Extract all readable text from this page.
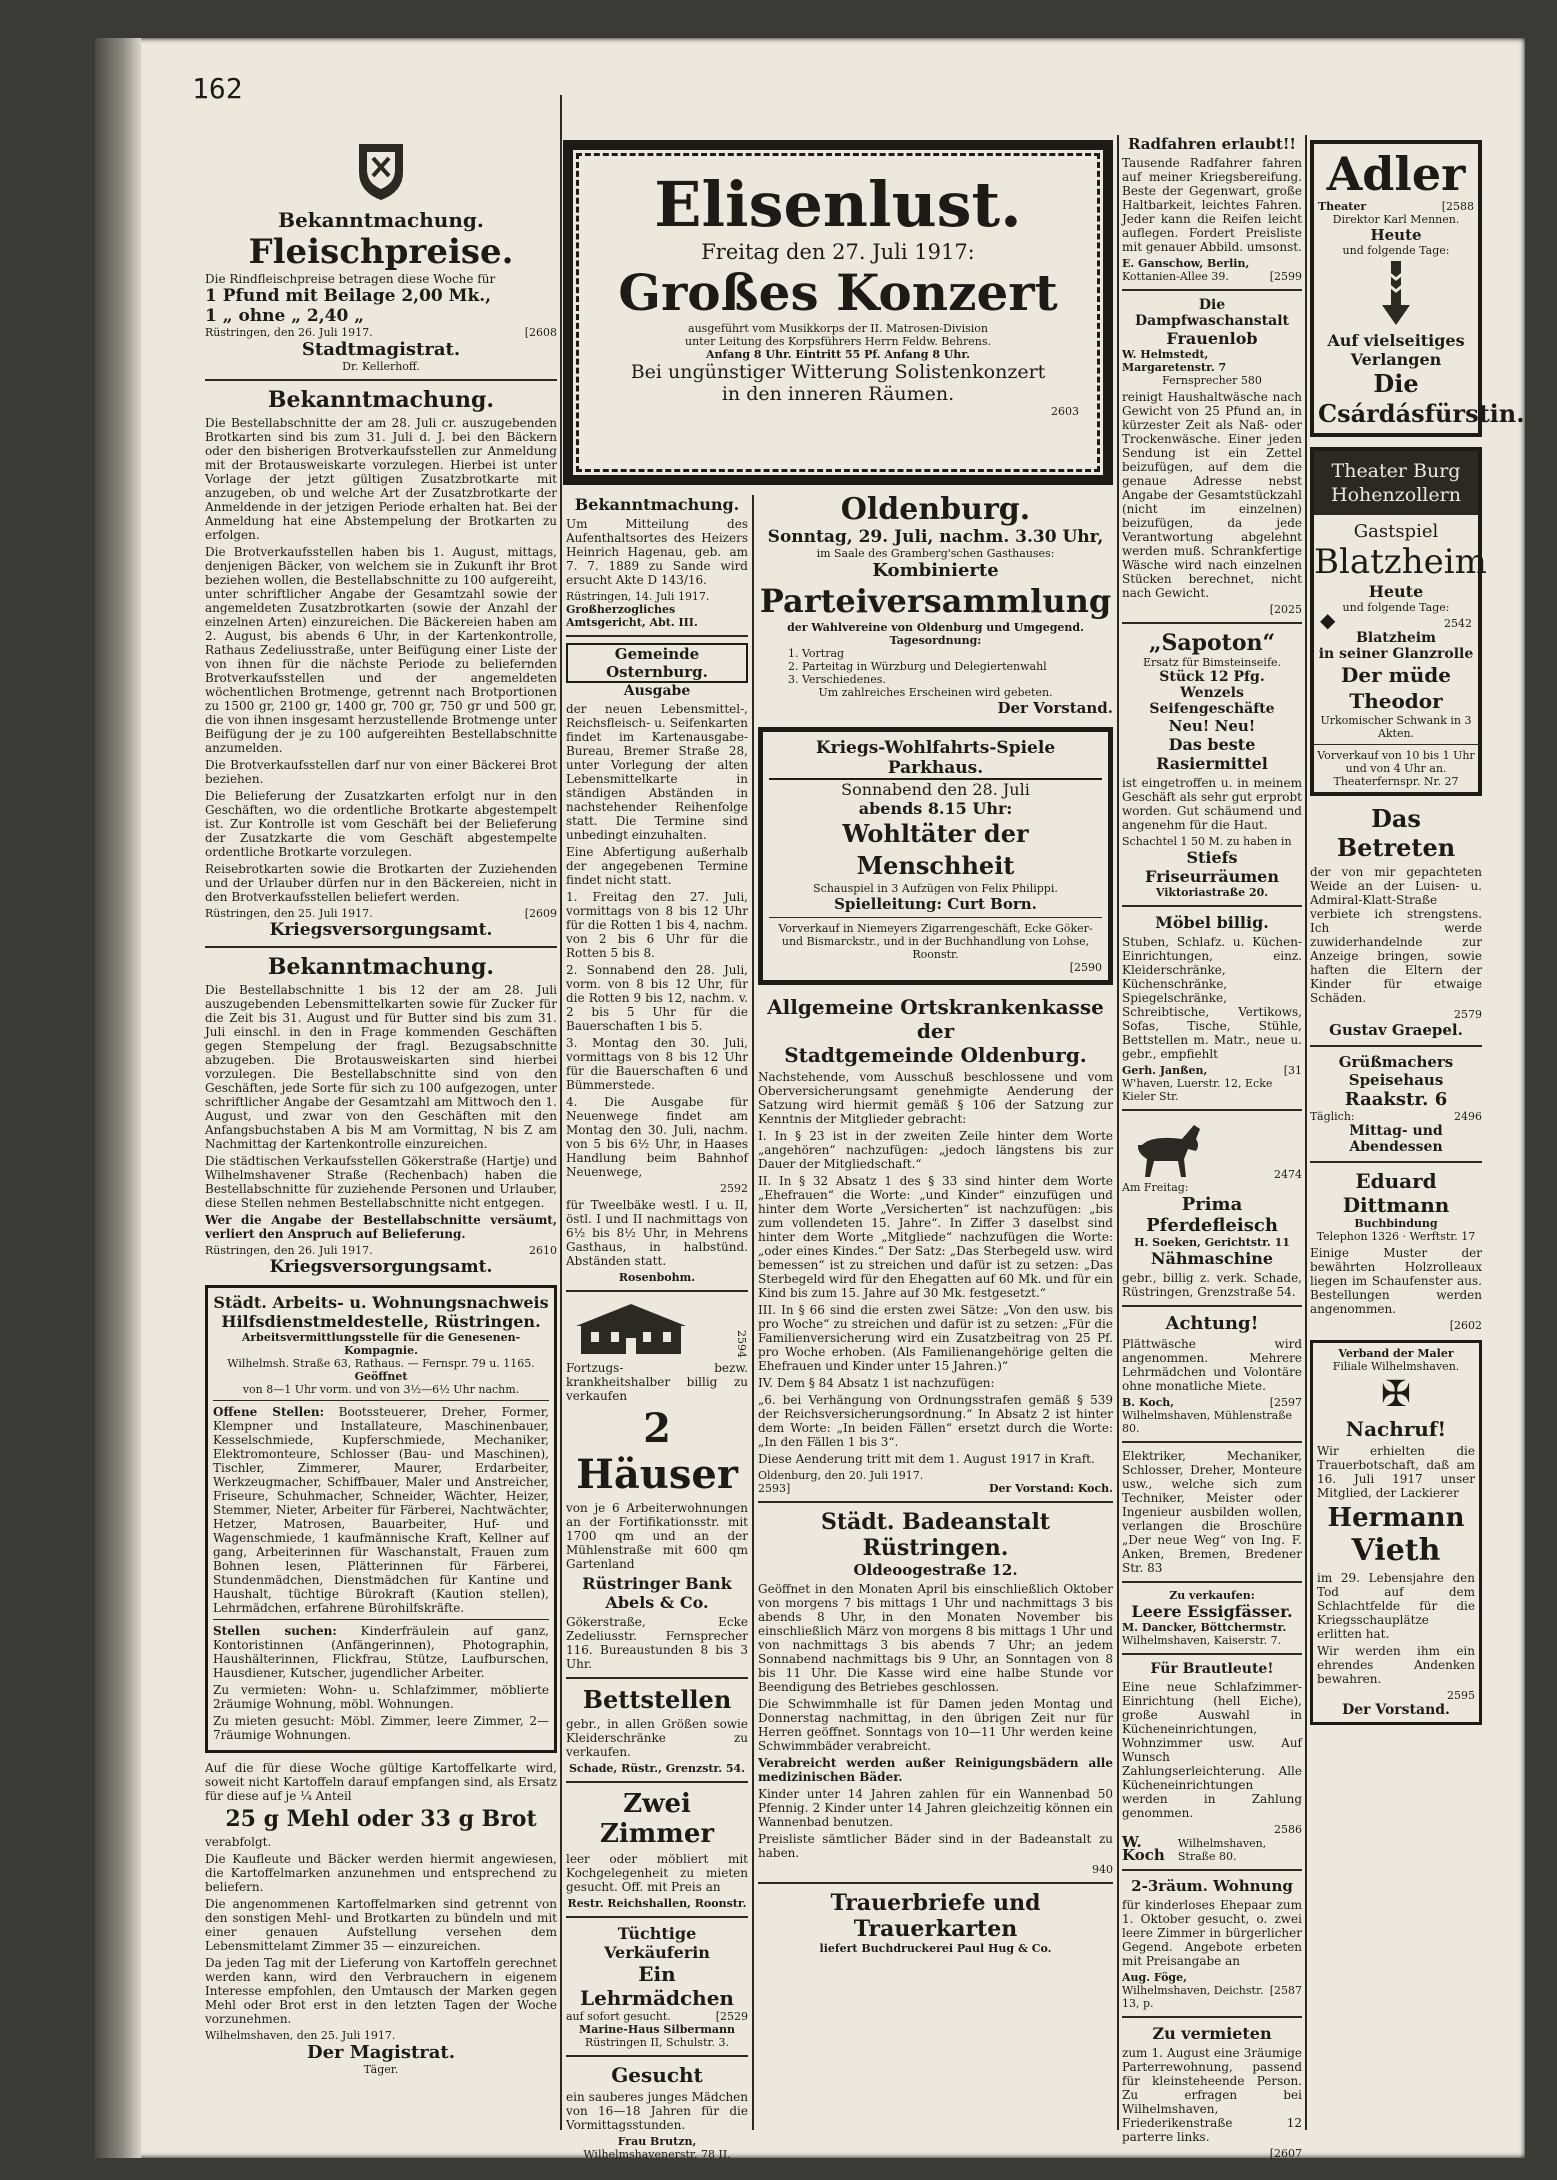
162
Bekanntmachung.
Fleischpreise.
Die Rindfleischpreise betragen diese Woche für
1 Pfund mit Beilage 2,00 Mk.,
1 „ ohne „ 2,40 „
Rüstringen, den 26. Juli 1917.	[2608
Stadtmagistrat.
Dr. Kellerhoff.
Bekanntmachung.

Die Bestellabschnitte der am 28. Juli cr. auszugebenden Brotkarten sind bis zum 31. Juli d. J. bei den Bäckern oder den bisherigen Brotverkaufsstellen zur Anmeldung mit der Brotausweiskarte vorzulegen. Hierbei ist unter Vorlage der jetzt gültigen Zusatzbrotkarte mit anzugeben, ob und welche Art der Zusatzbrotkarte der Anmeldende in der jetzigen Periode erhalten hat. Bei der Anmeldung hat eine Abstempelung der Brotkarten zu erfolgen.

Die Brotverkaufsstellen haben bis 1. August, mittags, denjenigen Bäcker, von welchem sie in Zukunft ihr Brot beziehen wollen, die Bestellabschnitte zu 100 aufgereiht, unter schriftlicher Angabe der Gesamtzahl sowie der angemeldeten Zusatzbrotkarten (sowie der Anzahl der einzelnen Arten) einzureichen. Die Bäckereien haben am 2. August, bis abends 6 Uhr, in der Kartenkontrolle, Rathaus Zedeliusstraße, unter Beifügung einer Liste der von ihnen für die nächste Periode zu beliefernden Brotverkaufsstellen und der angemeldeten wöchentlichen Brotmenge, getrennt nach Brotportionen zu 1500 gr, 2100 gr, 1400 gr, 700 gr, 750 gr und 500 gr, die von ihnen insgesamt herzustellende Brotmenge unter Beifügung der je zu 100 aufgereihten Bestellabschnitte anzumelden.

Die Brotverkaufsstellen darf nur von einer Bäckerei Brot beziehen.

Die Belieferung der Zusatzkarten erfolgt nur in den Geschäften, wo die ordentliche Brotkarte abgestempelt ist. Zur Kontrolle ist vom Geschäft bei der Belieferung der Zusatzkarte die vom Geschäft abgestempelte ordentliche Brotkarte vorzulegen.

Reisebrotkarten sowie die Brotkarten der Zuziehenden und der Urlauber dürfen nur in den Bäckereien, nicht in den Brotverkaufsstellen beliefert werden.

Rüstringen, den 25. Juli 1917.	[2609
Kriegsversorgungsamt.
Bekanntmachung.

Die Bestellabschnitte 1 bis 12 der am 28. Juli auszugebenden Lebensmittelkarten sowie für Zucker für die Zeit bis 31. August und für Butter sind bis zum 31. Juli einschl. in den in Frage kommenden Geschäften gegen Stempelung der fragl. Bezugsabschnitte abzugeben. Die Brotausweiskarten sind hierbei vorzulegen. Die Bestellabschnitte sind von den Geschäften, jede Sorte für sich zu 100 aufgezogen, unter schriftlicher Angabe der Gesamtzahl am Mittwoch den 1. August, und zwar von den Geschäften mit den Anfangsbuchstaben A bis M am Vormittag, N bis Z am Nachmittag der Kartenkontrolle einzureichen.

Die städtischen Verkaufsstellen Gökerstraße (Hartje) und Wilhelmshavener Straße (Rechenbach) haben die Bestellabschnitte für zuziehende Personen und Urlauber, diese Stellen nehmen Bestellabschnitte nicht entgegen.

Wer die Angabe der Bestellabschnitte versäumt, verliert den Anspruch auf Belieferung.

Rüstringen, den 26. Juli 1917.	2610
Kriegsversorgungsamt.
Städt. Arbeits- u. Wohnungsnachweis
Hilfsdienstmeldestelle, Rüstringen.
Arbeitsvermittlungsstelle für die Genesenen-Kompagnie.
Wilhelmsh. Straße 63, Rathaus. — Fernspr. 79 u. 1165.
Geöffnet
von 8—1 Uhr vorm. und von 3½—6½ Uhr nachm.

Offene Stellen: Bootssteuerer, Dreher, Former, Klempner und Installateure, Maschinenbauer, Kesselschmiede, Kupferschmiede, Mechaniker, Elektromonteure, Schlosser (Bau- und Maschinen), Tischler, Zimmerer, Maurer, Erdarbeiter, Werkzeugmacher, Schiffbauer, Maler und Anstreicher, Friseure, Schuhmacher, Schneider, Wächter, Heizer, Stemmer, Nieter, Arbeiter für Färberei, Nachtwächter, Hetzer, Matrosen, Bauarbeiter, Huf- und Wagenschmiede, 1 kaufmännische Kraft, Kellner auf gang, Arbeiterinnen für Waschanstalt, Frauen zum Bohnen lesen, Plätterinnen für Färberei, Stundenmädchen, Dienstmädchen für Kantine und Haushalt, tüchtige Bürokraft (Kaution stellen), Lehrmädchen, erfahrene Bürohilfskräfte.

Stellen suchen: Kinderfräulein auf ganz, Kontoristinnen (Anfängerinnen), Photographin, Haushälterinnen, Flickfrau, Stütze, Laufburschen, Hausdiener, Kutscher, jugendlicher Arbeiter.

Zu vermieten: Wohn- u. Schlafzimmer, möblierte 2räumige Wohnung, möbl. Wohnungen.

Zu mieten gesucht: Möbl. Zimmer, leere Zimmer, 2—7räumige Wohnungen.

Auf die für diese Woche gültige Kartoffelkarte wird, soweit nicht Kartoffeln darauf empfangen sind, als Ersatz für diese auf je ¼ Anteil

25 g Mehl oder 33 g Brot

verabfolgt.

Die Kaufleute und Bäcker werden hiermit angewiesen, die Kartoffelmarken anzunehmen und entsprechend zu beliefern.

Die angenommenen Kartoffelmarken sind getrennt von den sonstigen Mehl- und Brotkarten zu bündeln und mit einer genauen Aufstellung versehen dem Lebensmittelamt Zimmer 35 — einzureichen.

Da jeden Tag mit der Lieferung von Kartoffeln gerechnet werden kann, wird den Verbrauchern in eigenem Interesse empfohlen, den Umtausch der Marken gegen Mehl oder Brot erst in den letzten Tagen der Woche vorzunehmen.

Wilhelmshaven, den 25. Juli 1917.
Der Magistrat.
Täger.
Elisenlust.
Freitag den 27. Juli 1917:
Großes Konzert
ausgeführt vom Musikkorps der II. Matrosen-Division
unter Leitung des Korpsführers Herrn Feldw. Behrens.
Anfang 8 Uhr. Eintritt 55 Pf. Anfang 8 Uhr.
Bei ungünstiger Witterung Solistenkonzert
in den inneren Räumen.
2603
Bekanntmachung.

Um Mitteilung des Aufenthaltsortes des Heizers Heinrich Hagenau, geb. am 7. 7. 1889 zu Sande wird ersucht Akte D 143/16.

Rüstringen, 14. Juli 1917.
Großherzogliches Amtsgericht, Abt. III.
Gemeinde Osternburg.
Ausgabe

der neuen Lebensmittel-, Reichsfleisch- u. Seifenkarten findet im Kartenausgabe-Bureau, Bremer Straße 28, unter Vorlegung der alten Lebensmittelkarte in ständigen Abständen in nachstehender Reihenfolge statt. Die Termine sind unbedingt einzuhalten.

Eine Abfertigung außerhalb der angegebenen Termine findet nicht statt.

1. Freitag den 27. Juli, vormittags von 8 bis 12 Uhr für die Rotten 1 bis 4, nachm. von 2 bis 6 Uhr für die Rotten 5 bis 8.

2. Sonnabend den 28. Juli, vorm. von 8 bis 12 Uhr, für die Rotten 9 bis 12, nachm. v. 2 bis 5 Uhr für die Bauerschaften 1 bis 5.

3. Montag den 30. Juli, vormittags von 8 bis 12 Uhr für die Bauerschaften 6 und Bümmerstede.

4. Die Ausgabe für Neuenwege findet am Montag den 30. Juli, nachm. von 5 bis 6½ Uhr, in Haases Handlung beim Bahnhof Neuenwege,

2592

für Tweelbäke westl. I u. II, östl. I und II nachmittags von 6½ bis 8½ Uhr, in Mehrens Gasthaus, in halbstünd. Abständen statt.

Rosenbohm.
2594

Fortzugs- bezw. krankheitshalber billig zu verkaufen

2 Häuser

von je 6 Arbeiterwohnungen an der Fortifikationsstr. mit 1700 qm und an der Mühlenstraße mit 600 qm Gartenland

Rüstringer Bank
Abels & Co.

Gökerstraße, Ecke Zedeliusstr. Fernsprecher 116. Bureaustunden 8 bis 3 Uhr.

Bettstellen

gebr., in allen Größen sowie Kleiderschränke zu verkaufen.

Schade, Rüstr., Grenzstr. 54.
Zwei Zimmer

leer oder möbliert mit Kochgelegenheit zu mieten gesucht. Off. mit Preis an

Restr. Reichshallen, Roonstr.
Tüchtige Verkäuferin
Ein Lehrmädchen
auf sofort gesucht.	[2529
Marine-Haus Silbermann
Rüstringen II, Schulstr. 3.
Gesucht

ein sauberes junges Mädchen von 16—18 Jahren für die Vormittagsstunden.

Frau Brutzn,
Wilhelmshavenerstr. 78 II.
Oldenburg.
Sonntag, 29. Juli, nachm. 3.30 Uhr,
im Saale des Gramberg'schen Gasthauses:
Kombinierte
Parteiversammlung
der Wahlvereine von Oldenburg und Umgegend.
Tagesordnung:
1. Vortrag
2. Parteitag in Würzburg und Delegiertenwahl
3. Verschiedenes.
Um zahlreiches Erscheinen wird gebeten.
Der Vorstand.
Kriegs-Wohlfahrts-Spiele Parkhaus.
Sonnabend den 28. Juli
abends 8.15 Uhr:
Wohltäter der Menschheit
Schauspiel in 3 Aufzügen von Felix Philippi.
Spielleitung: Curt Born.
Vorverkauf in Niemeyers Zigarrengeschäft, Ecke Göker- und Bismarckstr., und in der Buchhandlung von Lohse, Roonstr.
[2590
Allgemeine Ortskrankenkasse der
Stadtgemeinde Oldenburg.

Nachstehende, vom Ausschuß beschlossene und vom Oberversicherungsamt genehmigte Aenderung der Satzung wird hiermit gemäß § 106 der Satzung zur Kenntnis der Mitglieder gebracht:

I. In § 23 ist in der zweiten Zeile hinter dem Worte „angehören“ nachzufügen: „jedoch längstens bis zur Dauer der Mitgliedschaft.“

II. In § 32 Absatz 1 des § 33 sind hinter dem Worte „Ehefrauen“ die Worte: „und Kinder“ einzufügen und hinter dem Worte „Versicherten“ ist nachzufügen: „bis zum vollendeten 15. Jahre“. In Ziffer 3 daselbst sind hinter dem Worte „Mitgliede“ nachzufügen die Worte: „oder eines Kindes.“ Der Satz: „Das Sterbegeld usw. wird bemessen“ ist zu streichen und dafür ist zu setzen: „Das Sterbegeld wird für den Ehegatten auf 60 Mk. und für ein Kind bis zum 15. Jahre auf 30 Mk. festgesetzt.“

III. In § 66 sind die ersten zwei Sätze: „Von den usw. bis pro Woche“ zu streichen und dafür ist zu setzen: „Für die Familienversicherung wird ein Zusatzbeitrag von 25 Pf. pro Woche erhoben. (Als Familienangehörige gelten die Ehefrauen und Kinder unter 15 Jahren.)“

IV. Dem § 84 Absatz 1 ist nachzufügen:

„6. bei Verhängung von Ordnungsstrafen gemäß § 539 der Reichsversicherungsordnung.“ In Absatz 2 ist hinter dem Worte: „In beiden Fällen“ ersetzt durch die Worte: „In den Fällen 1 bis 3“.

Diese Aenderung tritt mit dem 1. August 1917 in Kraft.

Oldenburg, den 20. Juli 1917.
2593]	Der Vorstand: Koch.
Städt. Badeanstalt Rüstringen.
Oldeoogestraße 12.

Geöffnet in den Monaten April bis einschließlich Oktober von morgens 7 bis mittags 1 Uhr und nachmittags 3 bis abends 8 Uhr, in den Monaten November bis einschließlich März von morgens 8 bis mittags 1 Uhr und von nachmittags 3 bis abends 7 Uhr; an jedem Sonnabend nachmittags bis 9 Uhr, an Sonntagen von 8 bis 11 Uhr. Die Kasse wird eine halbe Stunde vor Beendigung des Betriebes geschlossen.

Die Schwimmhalle ist für Damen jeden Montag und Donnerstag nachmittag, in den übrigen Zeit nur für Herren geöffnet. Sonntags von 10—11 Uhr werden keine Schwimmbäder verabreicht.

Verabreicht werden außer Reinigungsbädern alle medizinischen Bäder.

Kinder unter 14 Jahren zahlen für ein Wannenbad 50 Pfennig. 2 Kinder unter 14 Jahren gleichzeitig können ein Wannenbad benutzen.

Preisliste sämtlicher Bäder sind in der Badeanstalt zu haben.

940
Trauerbriefe und Trauerkarten
liefert Buchdruckerei Paul Hug & Co.
Radfahren erlaubt!!

Tausende Radfahrer fahren auf meiner Kriegsbereifung. Beste der Gegenwart, große Haltbarkeit, leichtes Fahren. Jeder kann die Reifen leicht auflegen. Fordert Preisliste mit genauer Abbild. umsonst.

E. Ganschow, Berlin,
Kottanien-Allee 39.	[2599
Die Dampfwaschanstalt
Frauenlob
W. Helmstedt, Margaretenstr. 7
Fernsprecher 580

reinigt Haushaltwäsche nach Gewicht von 25 Pfund an, in kürzester Zeit als Naß- oder Trockenwäsche. Einer jeden Sendung ist ein Zettel beizufügen, auf dem die genaue Adresse nebst Angabe der Gesamtstückzahl (nicht im einzelnen) beizufügen, da jede Verantwortung abgelehnt werden muß. Schrankfertige Wäsche wird nach einzelnen Stücken berechnet, nicht nach Gewicht.

[2025
„Sapoton“
Ersatz für Bimsteinseife.
Stück 12 Pfg.
Wenzels Seifengeschäfte
Neu! Neu!
Das beste Rasiermittel

ist eingetroffen u. in meinem Geschäft als sehr gut erprobt worden. Gut schäumend und angenehm für die Haut.

Schachtel 1 50 M. zu haben in
Stiefs Friseurräumen
Viktoriastraße 20.
Möbel billig.

Stuben, Schlafz. u. Küchen-Einrichtungen, einz. Kleiderschränke, Küchenschränke, Spiegelschränke, Schreibtische, Vertikows, Sofas, Tische, Stühle, Bettstellen m. Matr., neue u. gebr., empfiehlt

Gerh. Janßen,	[31
W'haven, Luerstr. 12, Ecke Kieler Str.
2474
Am Freitag:
Prima Pferdefleisch
H. Soeken, Gerichtstr. 11
Nähmaschine

gebr., billig z. verk. Schade, Rüstringen, Grenzstraße 54.

Achtung!

Plättwäsche wird angenommen. Mehrere Lehrmädchen und Volontäre ohne monatliche Miete.

B. Koch,	[2597
Wilhelmshaven, Mühlenstraße 80.

Elektriker, Mechaniker, Schlosser, Dreher, Monteure usw., welche sich zum Techniker, Meister oder Ingenieur ausbilden wollen, verlangen die Broschüre „Der neue Weg“ von Ing. F. Anken, Bremen, Bredener Str. 83

Zu verkaufen:
Leere Essigfässer.
M. Dancker, Böttchermstr.
Wilhelmshaven, Kaiserstr. 7.
Für Brautleute!

Eine neue Schlafzimmer-Einrichtung (hell Eiche), große Auswahl in Kücheneinrichtungen, Wohnzimmer usw. Auf Wunsch Zahlungserleichterung. Alle Kücheneinrichtungen werden in Zahlung genommen.

2586
W. Koch
Wilhelmshaven, Straße 80.
2-3räum. Wohnung

für kinderloses Ehepaar zum 1. Oktober gesucht, o. zwei leere Zimmer in bürgerlicher Gegend. Angebote erbeten mit Preisangabe an

Aug. Föge,
Wilhelmshaven, Deichstr. 13, p.
[2587
Zu vermieten

zum 1. August eine 3räumige Parterrewohnung, passend für kleinsteheende Person. Zu erfragen bei Wilhelmshaven, Friederikenstraße 12 parterre links.

[2607
Adler
Theater	[2588
Direktor Karl Mennen.
Heute
und folgende Tage:
Auf vielseitiges Verlangen
Die Csárdásfürstin.
Theater Burg Hohenzollern
Gastspiel
Blatzheim
Heute
und folgende Tage:
◆	2542
Blatzheim
in seiner Glanzrolle
Der müde Theodor
Urkomischer Schwank in 3 Akten.
Vorverkauf von 10 bis 1 Uhr und von 4 Uhr an. Theaterfernspr. Nr. 27
Das Betreten

der von mir gepachteten Weide an der Luisen- u. Admiral-Klatt-Straße verbiete ich strengstens. Ich werde zuwiderhandelnde zur Anzeige bringen, sowie haften die Eltern der Kinder für etwaige Schäden.

2579
Gustav Graepel.
Grüßmachers Speisehaus
Raakstr. 6
Täglich:	2496
Mittag- und Abendessen
Eduard Dittmann
Buchbindung
Telephon 1326 · Werftstr. 17

Einige Muster der bewährten Holzrolleaux liegen im Schaufenster aus. Bestellungen werden angenommen.

[2602
Verband der Maler
Filiale Wilhelmshaven.
✠
Nachruf!

Wir erhielten die Trauerbotschaft, daß am 16. Juli 1917 unser Mitglied, der Lackierer

Hermann
Vieth

im 29. Lebensjahre den Tod auf dem Schlachtfelde für die Kriegsschauplätze erlitten hat.

Wir werden ihm ein ehrendes Andenken bewahren.

2595
Der Vorstand.
